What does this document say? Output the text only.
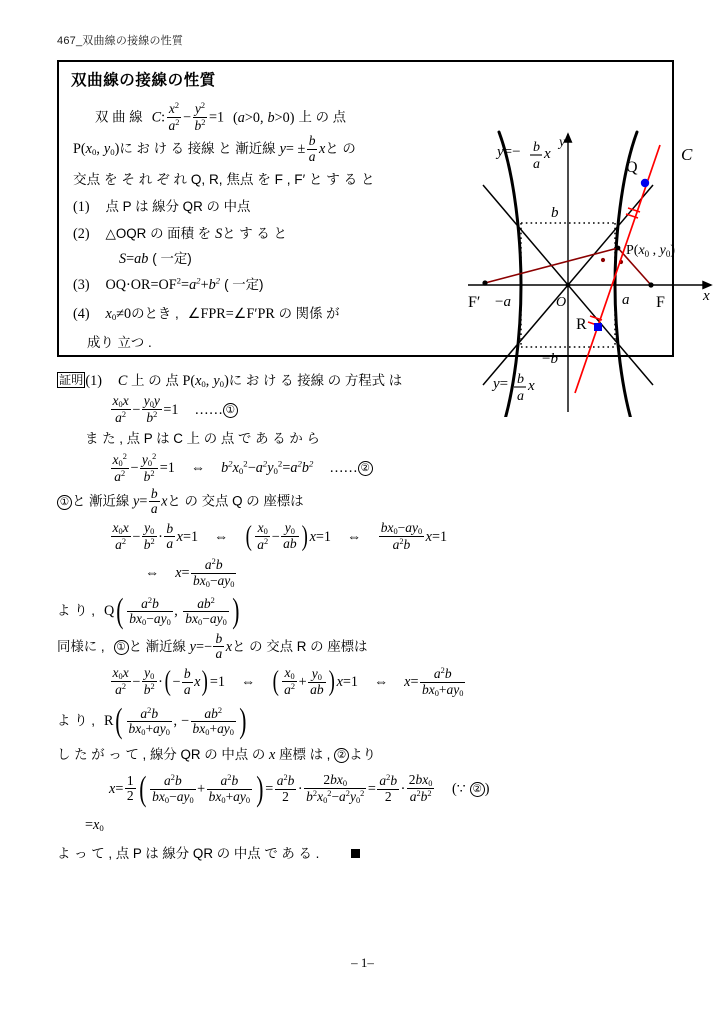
467_双曲線の接線の性質
双曲線の接線の性質
双 曲 線 C: $\frac{x^2}{a^2} - \frac{y^2}{b^2} =1$ (a>0, b>0) 上 の 点
$P(x_0$, $y_0$)に お け る 接線 と 漸近線 $y= \pm \frac{b}{a}$ xと の
交点 を そ れ ぞ れ Q, R, 焦点 を F , F′ と す る と
(1) 点 P は 線分 QR の 中点
(2) △OQR の 面積 を Sと す る と
S=ab ( 一定)
(3) $OQ\cdot OR=OF^2=a^2+b^2$ ( 一定)
(4) $x_0\ne 0$のとき , ∠FPR=∠F′PR の 関係 が
成り 立つ .
C
Q
R
O	x
y
b
−b
a
−a	F
F′
$P(x_0$ , $y_0$)
y=− b
a
x
y= b
a
x
証明 (1) C 上 の 点 $P(x_0$, $y_0$)に お け る 接線 の 方程式 は
$\frac{x_0x}{a^2} - \frac{y_0y}{b^2} =1$ …… ①
ま た , 点 P は C 上 の 点 で あ る か ら
$\frac{x_0^2}{a^2} - \frac{y_0^2}{b^2} =1$ ⇔ $b^2x_0^2-a^2y_0^2=a^2b^2$ …… ②
① と 漸近線 $y= \frac{b}{a}$ xと の 交点 Q の 座標は
$\frac{x_0x}{a^2} - \frac{y_0}{b^2} \cdot \frac{b}{a} x=1$ ⇔ ( $\frac{x_0}{a^2} - \frac{y_0}{ab}$ ) x=1 ⇔ $\frac{bx_0-ay_0}{a^2b} x=1$
⇔ $x= \frac{a^2b}{bx_0-ay_0}$
よ り , $Q( \frac{a^2b}{bx_0-ay_0}$ , $\frac{ab^2}{bx_0-ay_0}$ )
同様に , ① と 漸近線 $y=- \frac{b}{a}$ xと の 交点 R の 座標は
$\frac{x_0x}{a^2} - \frac{y_0}{b^2}$ ·( − $\frac{b}{a} x) =1$ ⇔ ( $\frac{x_0}{a^2} + \frac{y_0}{ab}$ ) x=1 ⇔ $x= \frac{a^2b}{bx_0+ay_0}$
よ り , $R( \frac{a^2b}{bx_0+ay_0}$ , − $\frac{ab^2}{bx_0+ay_0}$ )
し た が っ て , 線分 QR の 中点 の x 座標 は , ② より
$x= \frac{1}{2}$ ( $\frac{a^2b}{bx_0-ay_0} + \frac{a^2b}{bx_0+ay_0}$ ) = $\frac{a^2b}{2} \cdot \frac{2bx_0}{b^2x_0^2-a^2y_0^2} = \frac{a^2b}{2} \cdot \frac{2bx_0}{a^2b^2}$ (∵ ② )
$=x_0$
よ っ て , 点 P は 線分 QR の 中点 で あ る .
– 1–
